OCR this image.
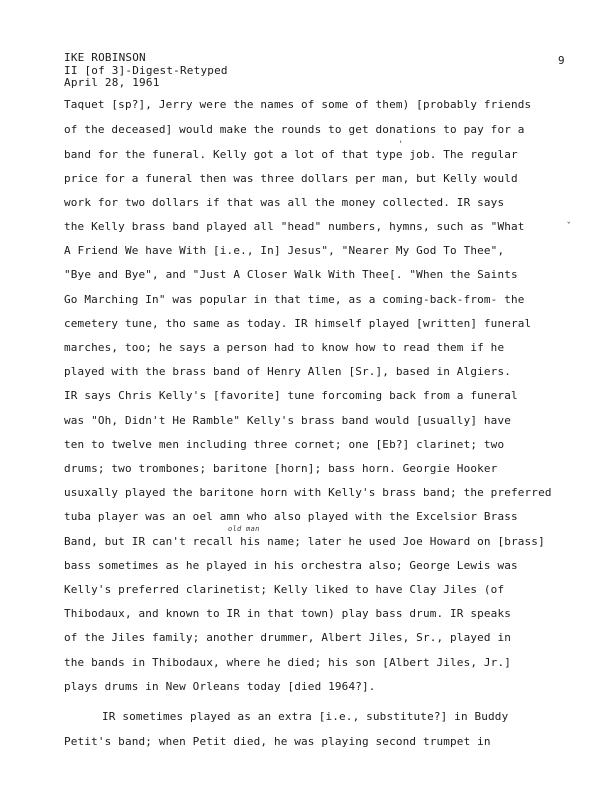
IKE ROBINSON
II [of 3]-Digest-Retyped
April 28, 1961
9
old man
'
ˇ
Taquet [sp?], Jerry were the names of some of them) [probably friends
of the deceased] would make the rounds to get donations to pay for a
band for the funeral. Kelly got a lot of that type job. The regular
price for a funeral then was three dollars per man, but Kelly would
work for two dollars if that was all the money collected. IR says
the Kelly brass band played all "head" numbers, hymns, such as "What
A Friend We have With [i.e., In] Jesus", "Nearer My God To Thee",
"Bye and Bye", and "Just A Closer Walk With Thee[. "When the Saints
Go Marching In" was popular in that time, as a coming-back-from- the
cemetery tune, tho same as today. IR himself played [written] funeral
marches, too; he says a person had to know how to read them if he
played with the brass band of Henry Allen [Sr.], based in Algiers.
IR says Chris Kelly's [favorite] tune forcoming back from a funeral
was "Oh, Didn't He Ramble" Kelly's brass band would [usually] have
ten to twelve men including three cornet; one [Eb?] clarinet; two
drums; two trombones; baritone [horn]; bass horn. Georgie Hooker
usuxally played the baritone horn with Kelly's brass band; the preferred
tuba player was an oel amn who also played with the Excelsior Brass
Band, but IR can't recall his name; later he used Joe Howard on [brass]
bass sometimes as he played in his orchestra also; George Lewis was
Kelly's preferred clarinetist; Kelly liked to have Clay Jiles (of
Thibodaux, and known to IR in that town) play bass drum. IR speaks
of the Jiles family; another drummer, Albert Jiles, Sr., played in
the bands in Thibodaux, where he died; his son [Albert Jiles, Jr.]
plays drums in New Orleans today [died 1964?].
IR sometimes played as an extra [i.e., substitute?] in Buddy
Petit's band; when Petit died, he was playing second trumpet in
